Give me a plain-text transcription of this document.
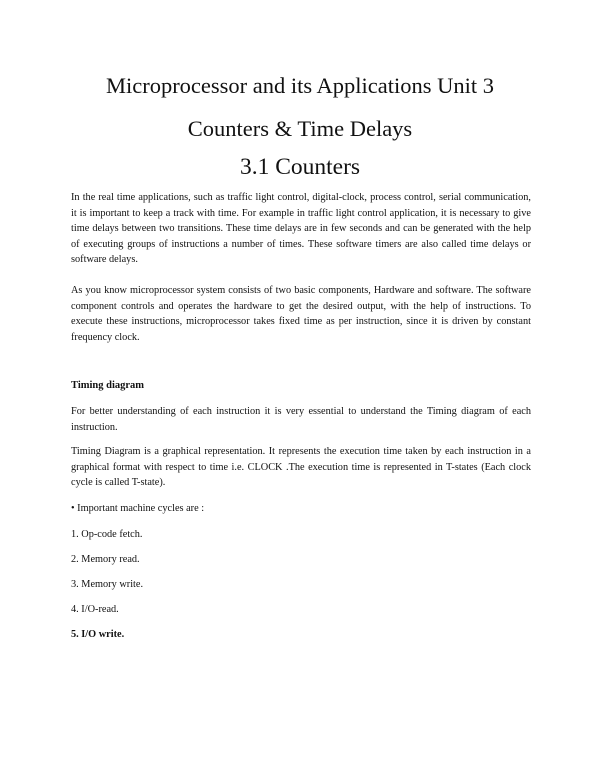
Microprocessor and its Applications Unit 3
Counters & Time Delays
3.1 Counters

In the real time applications, such as traffic light control, digital-clock, process control, serial communication, it is important to keep a track with time. For example in traffic light control application, it is necessary to give time delays between two transitions. These time delays are in few seconds and can be generated with the help of executing groups of instructions a number of times. These software timers are also called time delays or software delays.

As you know microprocessor system consists of two basic components, Hardware and software. The software component controls and operates the hardware to get the desired output, with the help of instructions. To execute these instructions, microprocessor takes fixed time as per instruction, since it is driven by constant frequency clock.

Timing diagram

For better understanding of each instruction it is very essential to understand the Timing diagram of each instruction.

Timing Diagram is a graphical representation. It represents the execution time taken by each instruction in a graphical format with respect to time i.e. CLOCK .The execution time is represented in T-states (Each clock cycle is called T-state).

• Important machine cycles are :

1. Op-code fetch.

2. Memory read.

3. Memory write.

4. I/O-read.

5. I/O write.
